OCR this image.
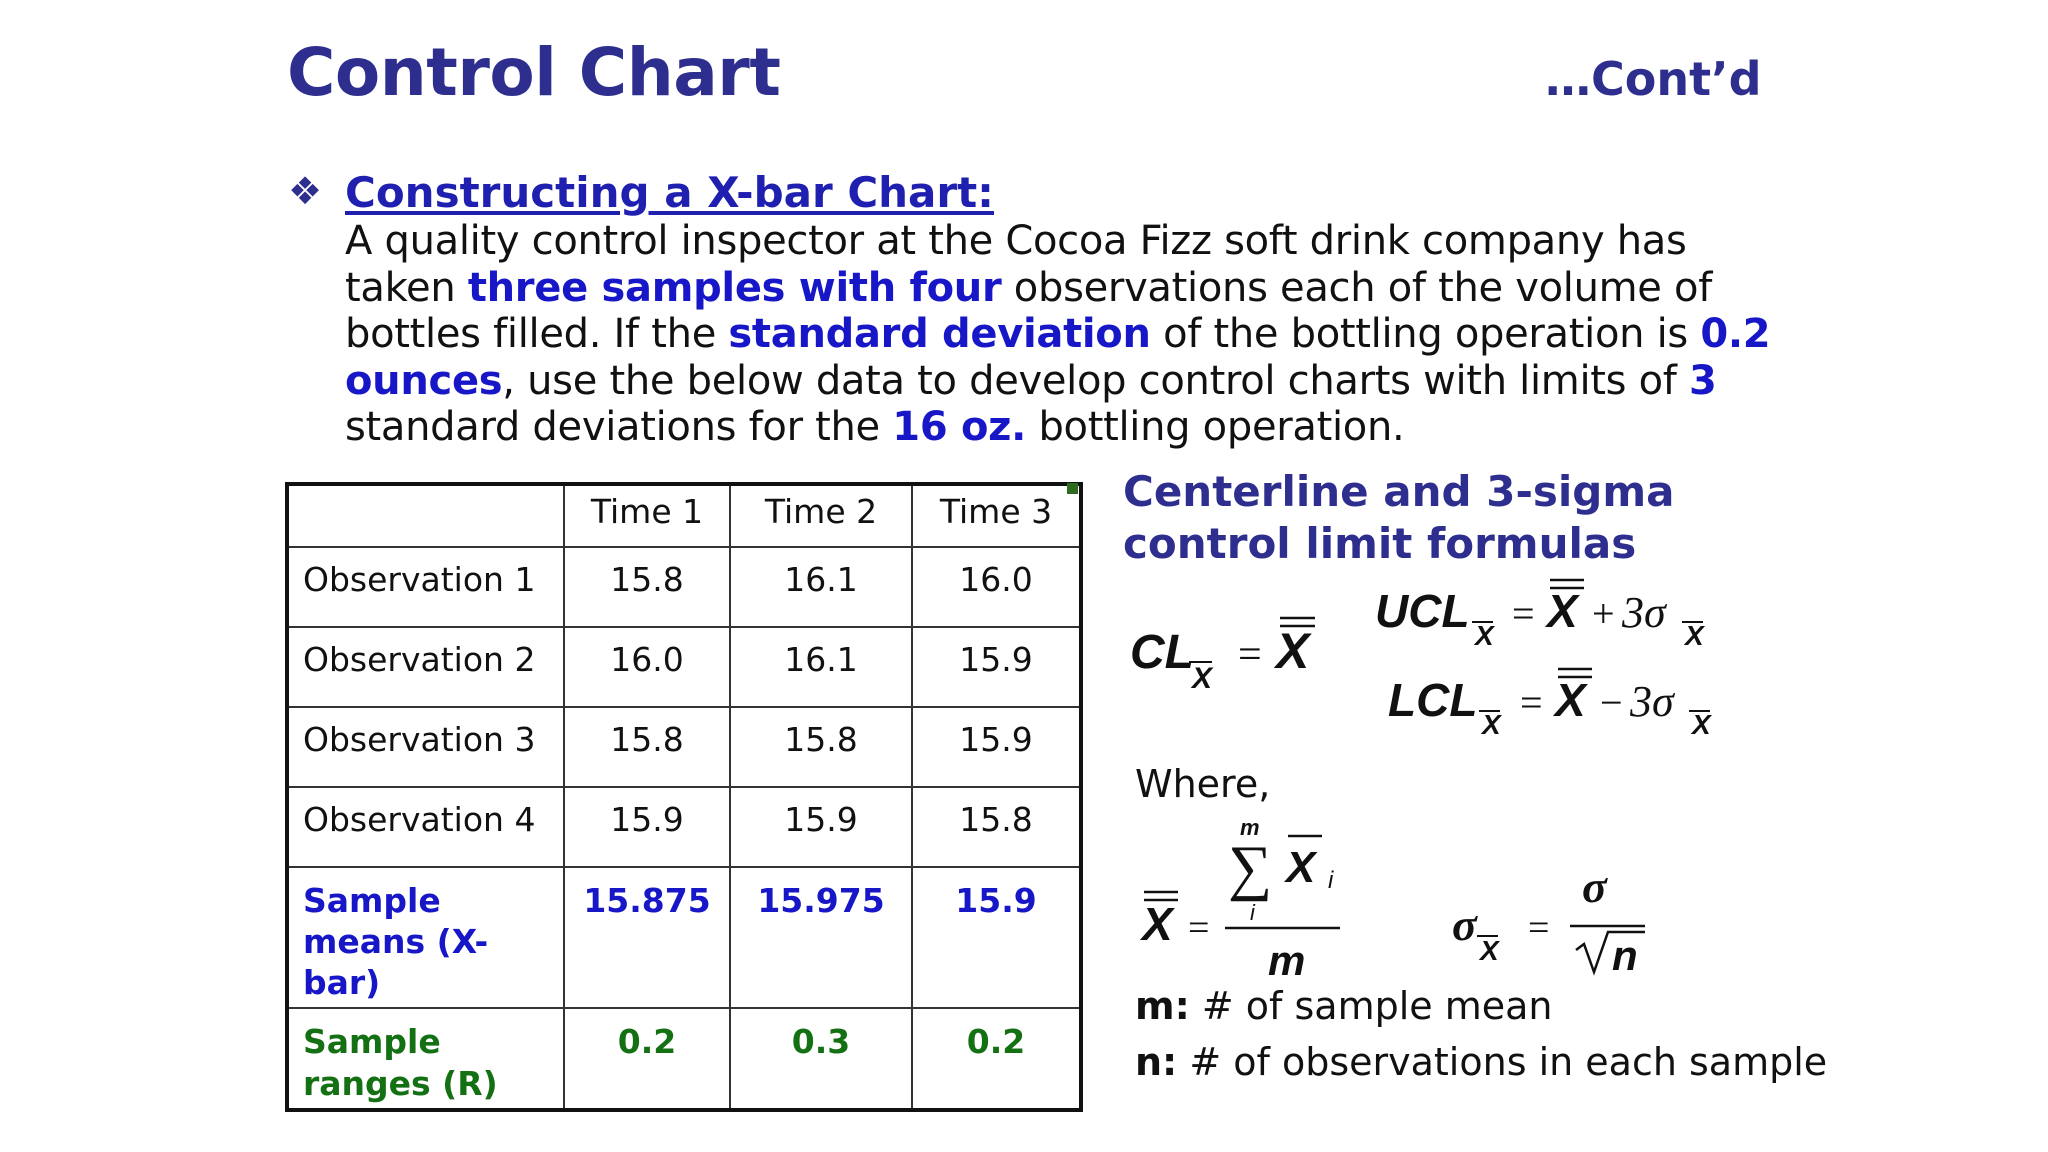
Control Chart	…Cont’d
❖ Constructing a X-bar Chart:
A quality control inspector at the Cocoa Fizz soft drink company has taken three samples with four observations each of the volume of bottles filled. If the standard deviation of the bottling operation is 0.2 ounces, use the below data to develop control charts with limits of 3 standard deviations for the 16 oz. bottling operation.
	Time 1	Time 2	Time 3
Observation 1	15.8	16.1	16.0
Observation 2	16.0	16.1	15.9
Observation 3	15.8	15.8	15.9
Observation 4	15.9	15.9	15.8
Sample
means (X-
bar)	15.875	15.975	15.9
Sample
ranges (R)	0.2	0.3	0.2
Centerline and 3-sigma
control limit formulas
CL
X
= X
UCL X = X + 3σ X
LCL X = X − 3σ X
X =
m
∑
i
X i
m
σ
X
=
σ
n
Where,
m: # of sample mean
n: # of observations in each sample
